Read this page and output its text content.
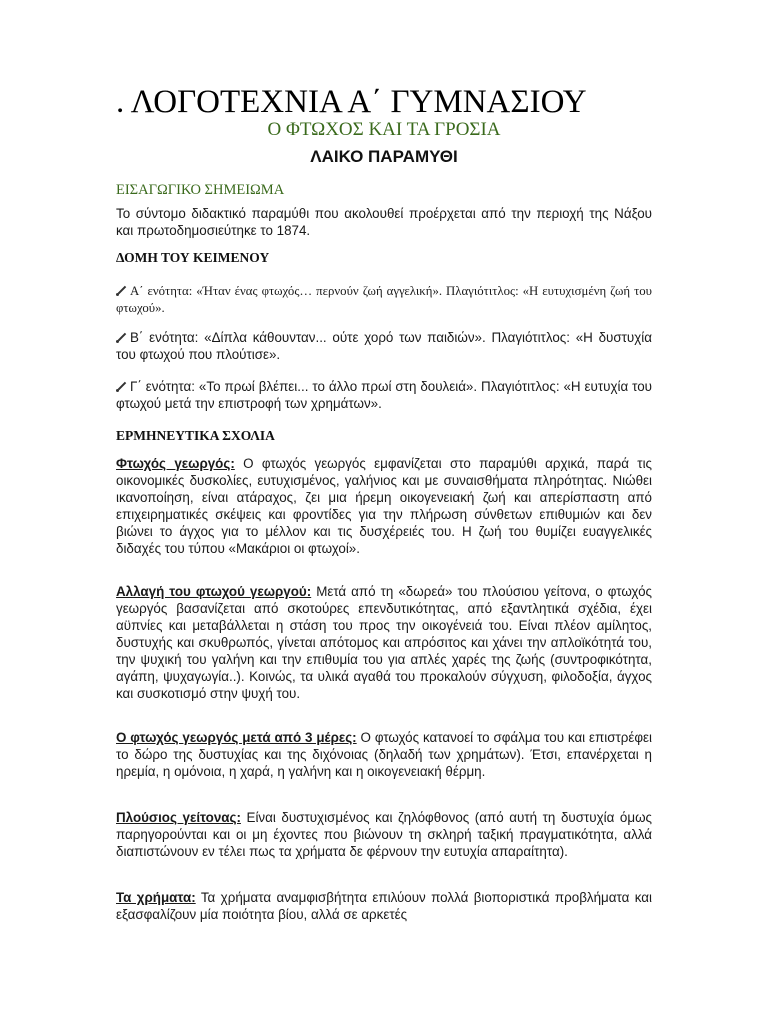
. ΛΟΓΟΤΕΧΝΙΑ Α΄ ΓΥΜΝΑΣΙΟΥ
Ο ΦΤΩΧΟΣ ΚΑΙ ΤΑ ΓΡΟΣΙΑ
ΛΑΙΚΟ ΠΑΡΑΜΥΘΙ
ΕΙΣΑΓΩΓΙΚΟ ΣΗΜΕΙΩΜΑ
Το σύντομο διδακτικό παραμύθι που ακολουθεί προέρχεται από την περιοχή της Νάξου και πρωτοδημοσιεύτηκε το 1874.
ΔΟΜΗ ΤΟΥ ΚΕΙΜΕΝΟΥ
Α΄ ενότητα: «Ήταν ένας φτωχός… περνούν ζωή αγγελική». Πλαγιότιτλος: «Η ευτυχισμένη ζωή του φτωχού».
Β΄ ενότητα: «Δίπλα κάθουνταν... ούτε χορό των παιδιών». Πλαγιότιτλος: «Η δυστυχία του φτωχού που πλούτισε».
Γ΄ ενότητα: «Το πρωί βλέπει... το άλλο πρωί στη δουλειά». Πλαγιότιτλος: «Η ευτυχία του φτωχού μετά την επιστροφή των χρημάτων».
ΕΡΜΗΝΕΥΤΙΚΑ ΣΧΟΛΙΑ
Φτωχός γεωργός: Ο φτωχός γεωργός εμφανίζεται στο παραμύθι αρχικά, παρά τις οικονομικές δυσκολίες, ευτυχισμένος, γαλήνιος και με συναισθήματα πληρότητας. Νιώθει ικανοποίηση, είναι ατάραχος, ζει μια ήρεμη οικογενειακή ζωή και απερίσπαστη από επιχειρηματικές σκέψεις και φροντίδες για την πλήρωση σύνθετων επιθυμιών και δεν βιώνει το άγχος για το μέλλον και τις δυσχέρειές του. Η ζωή του θυμίζει ευαγγελικές διδαχές του τύπου «Μακάριοι οι φτωχοί».
Αλλαγή του φτωχού γεωργού: Μετά από τη «δωρεά» του πλούσιου γείτονα, ο φτωχός γεωργός βασανίζεται από σκοτούρες επενδυτικότητας, από εξαντλητικά σχέδια, έχει αϋπνίες και μεταβάλλεται η στάση του προς την οικογένειά του. Είναι πλέον αμίλητος, δυστυχής και σκυθρωπός, γίνεται απότομος και απρόσιτος και χάνει την απλοϊκότητά του, την ψυχική του γαλήνη και την επιθυμία του για απλές χαρές της ζωής (συντροφικότητα, αγάπη, ψυχαγωγία..). Κοινώς, τα υλικά αγαθά του προκαλούν σύγχυση, φιλοδοξία, άγχος και συσκοτισμό στην ψυχή του.
Ο φτωχός γεωργός μετά από 3 μέρες: Ο φτωχός κατανοεί το σφάλμα του και επιστρέφει το δώρο της δυστυχίας και της διχόνοιας (δηλαδή των χρημάτων). Έτσι, επανέρχεται η ηρεμία, η ομόνοια, η χαρά, η γαλήνη και η οικογενειακή θέρμη.
Πλούσιος γείτονας: Είναι δυστυχισμένος και ζηλόφθονος (από αυτή τη δυστυχία όμως παρηγορούνται και οι μη έχοντες που βιώνουν τη σκληρή ταξική πραγματικότητα, αλλά διαπιστώνουν εν τέλει πως τα χρήματα δε φέρνουν την ευτυχία απαραίτητα).
Τα χρήματα: Τα χρήματα αναμφισβήτητα επιλύουν πολλά βιοποριστικά προβλήματα και εξασφαλίζουν μία ποιότητα βίου, αλλά σε αρκετές
